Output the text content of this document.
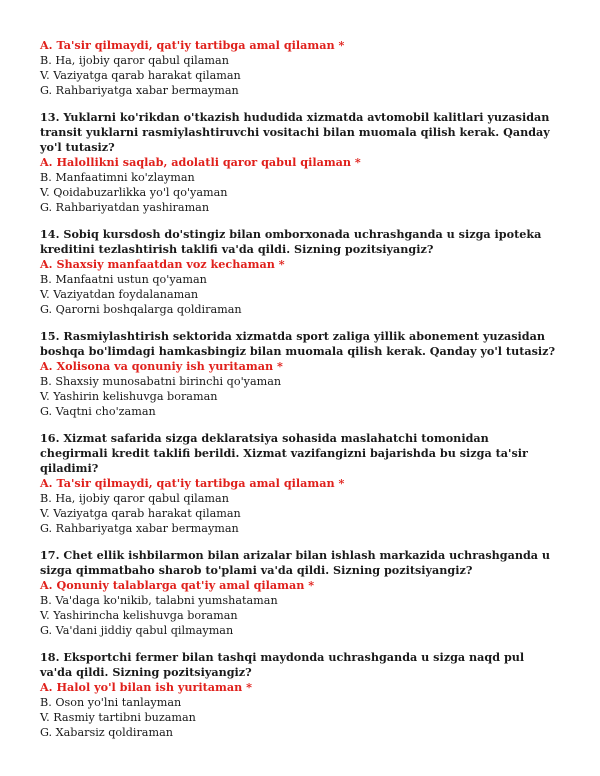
A. Ta'sir qilmaydi, qat'iy tartibga amal qilaman *

B. Ha, ijobiy qaror qabul qilaman

V. Vaziyatga qarab harakat qilaman

G. Rahbariyatga xabar bermayman

13. Yuklarni ko'rikdan o'tkazish hududida xizmatda avtomobil kalitlari yuzasidan transit yuklarni rasmiylashtiruvchi vositachi bilan muomala qilish kerak. Qanday yo'l tutasiz?

A. Halollikni saqlab, adolatli qaror qabul qilaman *

B. Manfaatimni ko'zlayman

V. Qoidabuzarlikka yo'l qo'yaman

G. Rahbariyatdan yashiraman

14. Sobiq kursdosh do'stingiz bilan omborxonada uchrashganda u sizga ipoteka kreditini tezlashtirish taklifi va'da qildi. Sizning pozitsiyangiz?

A. Shaxsiy manfaatdan voz kechaman *

B. Manfaatni ustun qo'yaman

V. Vaziyatdan foydalanaman

G. Qarorni boshqalarga qoldiraman

15. Rasmiylashtirish sektorida xizmatda sport zaliga yillik abonement yuzasidan boshqa bo'limdagi hamkasbingiz bilan muomala qilish kerak. Qanday yo'l tutasiz?

A. Xolisona va qonuniy ish yuritaman *

B. Shaxsiy munosabatni birinchi qo'yaman

V. Yashirin kelishuvga boraman

G. Vaqtni cho'zaman

16. Xizmat safarida sizga deklaratsiya sohasida maslahatchi tomonidan chegirmali kredit taklifi berildi. Xizmat vazifangizni bajarishda bu sizga ta'sir qiladimi?

A. Ta'sir qilmaydi, qat'iy tartibga amal qilaman *

B. Ha, ijobiy qaror qabul qilaman

V. Vaziyatga qarab harakat qilaman

G. Rahbariyatga xabar bermayman

17. Chet ellik ishbilarmon bilan arizalar bilan ishlash markazida uchrashganda u sizga qimmatbaho sharob to'plami va'da qildi. Sizning pozitsiyangiz?

A. Qonuniy talablarga qat'iy amal qilaman *

B. Va'daga ko'nikib, talabni yumshataman

V. Yashirincha kelishuvga boraman

G. Va'dani jiddiy qabul qilmayman

18. Eksportchi fermer bilan tashqi maydonda uchrashganda u sizga naqd pul va'da qildi. Sizning pozitsiyangiz?

A. Halol yo'l bilan ish yuritaman *

B. Oson yo'lni tanlayman

V. Rasmiy tartibni buzaman

G. Xabarsiz qoldiraman
